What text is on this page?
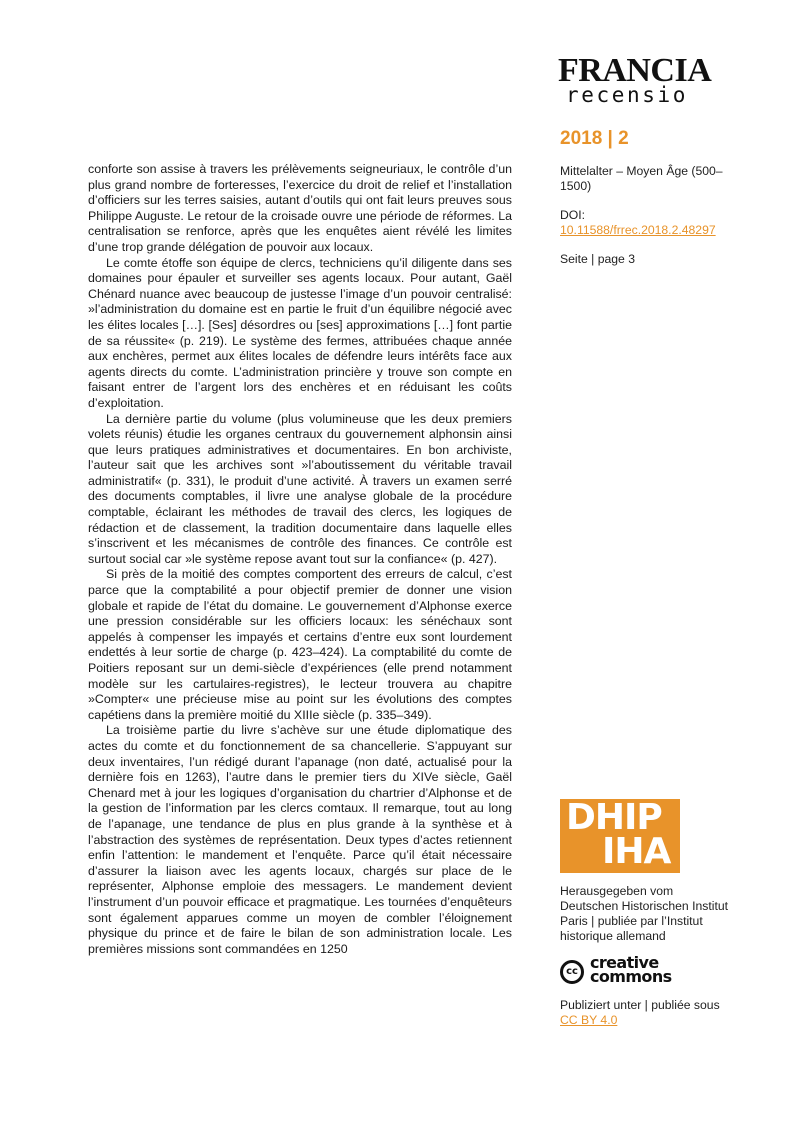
FRANCIA
recensio
2018 | 2
Mittelalter – Moyen Âge (500–1500)
DOI:
10.11588/frrec.2018.2.48297
Seite | page 3

conforte son assise à travers les prélèvements seigneuriaux, le contrôle d’un plus grand nombre de forteresses, l’exercice du droit de relief et l’installation d’officiers sur les terres saisies, autant d’outils qui ont fait leurs preuves sous Philippe Auguste. Le retour de la croisade ouvre une période de réformes. La centralisation se renforce, après que les enquêtes aient révélé les limites d’une trop grande délégation de pouvoir aux locaux.

Le comte étoffe son équipe de clercs, techniciens qu’il diligente dans ses domaines pour épauler et surveiller ses agents locaux. Pour autant, Gaël Chénard nuance avec beaucoup de justesse l’image d’un pouvoir centralisé: »l’administration du domaine est en partie le fruit d’un équilibre négocié avec les élites locales […]. [Ses] désordres ou [ses] approximations […] font partie de sa réussite« (p. 219). Le système des fermes, attribuées chaque année aux enchères, permet aux élites locales de défendre leurs intérêts face aux agents directs du comte. L’administration princière y trouve son compte en faisant entrer de l’argent lors des enchères et en réduisant les coûts d’exploitation.

La dernière partie du volume (plus volumineuse que les deux premiers volets réunis) étudie les organes centraux du gouvernement alphonsin ainsi que leurs pratiques administratives et documentaires. En bon archiviste, l’auteur sait que les archives sont »l’aboutissement du véritable travail administratif« (p. 331), le produit d’une activité. À travers un examen serré des documents comptables, il livre une analyse globale de la procédure comptable, éclairant les méthodes de travail des clercs, les logiques de rédaction et de classement, la tradition documentaire dans laquelle elles s’inscrivent et les mécanismes de contrôle des finances. Ce contrôle est surtout social car »le système repose avant tout sur la confiance« (p. 427).

Si près de la moitié des comptes comportent des erreurs de calcul, c’est parce que la comptabilité a pour objectif premier de donner une vision globale et rapide de l’état du domaine. Le gouvernement d’Alphonse exerce une pression considérable sur les officiers locaux: les sénéchaux sont appelés à compenser les impayés et certains d’entre eux sont lourdement endettés à leur sortie de charge (p. 423–424). La comptabilité du comte de Poitiers reposant sur un demi-siècle d’expériences (elle prend notamment modèle sur les cartulaires-registres), le lecteur trouvera au chapitre »Compter« une précieuse mise au point sur les évolutions des comptes capétiens dans la première moitié du XIIIe siècle (p. 335–349).

La troisième partie du livre s’achève sur une étude diplomatique des actes du comte et du fonctionnement de sa chancellerie. S’appuyant sur deux inventaires, l’un rédigé durant l’apanage (non daté, actualisé pour la dernière fois en 1263), l’autre dans le premier tiers du XIVe siècle, Gaël Chenard met à jour les logiques d’organisation du chartrier d’Alphonse et de la gestion de l’information par les clercs comtaux. Il remarque, tout au long de l’apanage, une tendance de plus en plus grande à la synthèse et à l’abstraction des systèmes de représentation. Deux types d’actes retiennent enfin l’attention: le mandement et l’enquête. Parce qu’il était nécessaire d’assurer la liaison avec les agents locaux, chargés sur place de le représenter, Alphonse emploie des messagers. Le mandement devient l’instrument d’un pouvoir efficace et pragmatique. Les tournées d’enquêteurs sont également apparues comme un moyen de combler l’éloignement physique du prince et de faire le bilan de son administration locale. Les premières missions sont commandées en 1250

DHIP
IHA
Herausgegeben vom Deutschen Historischen Institut Paris | publiée par l’Institut historique allemand
cc creative
commons
Publiziert unter | publiée sous
CC BY 4.0
